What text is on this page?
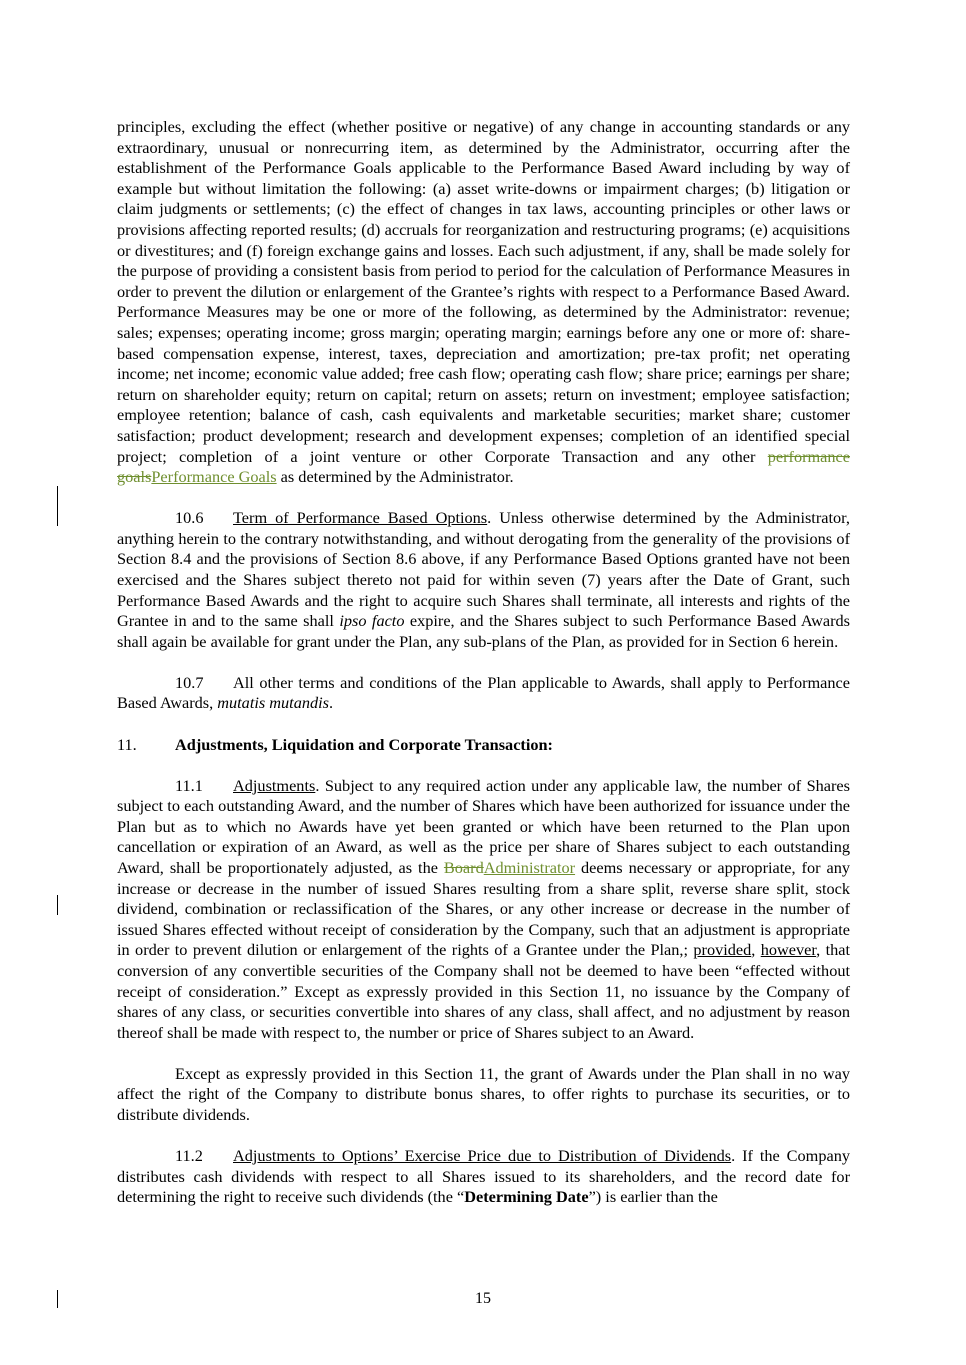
principles, excluding the effect (whether positive or negative) of any change in accounting standards or any extraordinary, unusual or nonrecurring item, as determined by the Administrator, occurring after the establishment of the Performance Goals applicable to the Performance Based Award including by way of example but without limitation the following: (a) asset write-downs or impairment charges; (b) litigation or claim judgments or settlements; (c) the effect of changes in tax laws, accounting principles or other laws or provisions affecting reported results; (d) accruals for reorganization and restructuring programs; (e) acquisitions or divestitures; and (f) foreign exchange gains and losses. Each such adjustment, if any, shall be made solely for the purpose of providing a consistent basis from period to period for the calculation of Performance Measures in order to prevent the dilution or enlargement of the Grantee’s rights with respect to a Performance Based Award. Performance Measures may be one or more of the following, as determined by the Administrator: revenue; sales; expenses; operating income; gross margin; operating margin; earnings before any one or more of: share-based compensation expense, interest, taxes, depreciation and amortization; pre-tax profit; net operating income; net income; economic value added; free cash flow; operating cash flow; share price; earnings per share; return on shareholder equity; return on capital; return on assets; return on investment; employee satisfaction; employee retention; balance of cash, cash equivalents and marketable securities; market share; customer satisfaction; product development; research and development expenses; completion of an identified special project; completion of a joint venture or other Corporate Transaction and any other performance goalsPerformance Goals as determined by the Administrator.

10.6 Term of Performance Based Options. Unless otherwise determined by the Administrator, anything herein to the contrary notwithstanding, and without derogating from the generality of the provisions of Section 8.4 and the provisions of Section 8.6 above, if any Performance Based Options granted have not been exercised and the Shares subject thereto not paid for within seven (7) years after the Date of Grant, such Performance Based Awards and the right to acquire such Shares shall terminate, all interests and rights of the Grantee in and to the same shall ipso facto expire, and the Shares subject to such Performance Based Awards shall again be available for grant under the Plan, any sub-plans of the Plan, as provided for in Section 6 herein.

10.7 All other terms and conditions of the Plan applicable to Awards, shall apply to Performance Based Awards, mutatis mutandis.

11. Adjustments, Liquidation and Corporate Transaction:

11.1 Adjustments. Subject to any required action under any applicable law, the number of Shares subject to each outstanding Award, and the number of Shares which have been authorized for issuance under the Plan but as to which no Awards have yet been granted or which have been returned to the Plan upon cancellation or expiration of an Award, as well as the price per share of Shares subject to each outstanding Award, shall be proportionately adjusted, as the BoardAdministrator deems necessary or appropriate, for any increase or decrease in the number of issued Shares resulting from a share split, reverse share split, stock dividend, combination or reclassification of the Shares, or any other increase or decrease in the number of issued Shares effected without receipt of consideration by the Company, such that an adjustment is appropriate in order to prevent dilution or enlargement of the rights of a Grantee under the Plan,; provided, however, that conversion of any convertible securities of the Company shall not be deemed to have been “effected without receipt of consideration.” Except as expressly provided in this Section 11, no issuance by the Company of shares of any class, or securities convertible into shares of any class, shall affect, and no adjustment by reason thereof shall be made with respect to, the number or price of Shares subject to an Award.

Except as expressly provided in this Section 11, the grant of Awards under the Plan shall in no way affect the right of the Company to distribute bonus shares, to offer rights to purchase its securities, or to distribute dividends.

11.2 Adjustments to Options’ Exercise Price due to Distribution of Dividends. If the Company distributes cash dividends with respect to all Shares issued to its shareholders, and the record date for determining the right to receive such dividends (the “Determining Date”) is earlier than the

15
